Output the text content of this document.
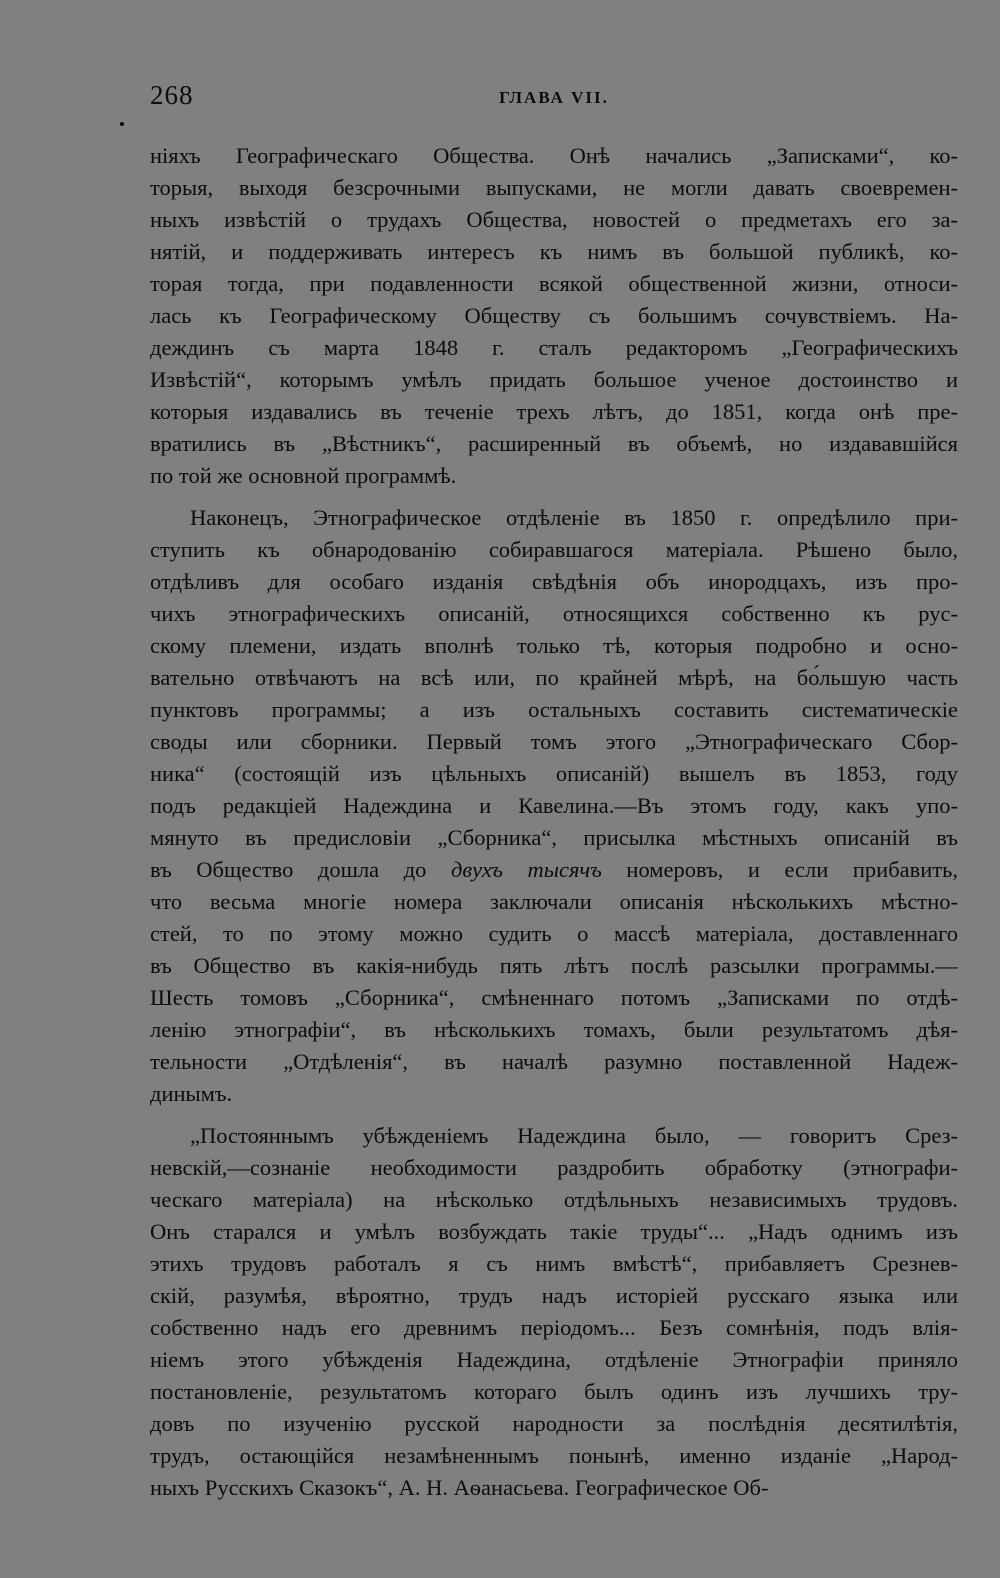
268	ГЛАВА VII.
ніяхъ Географическаго Общества. Онѣ начались „Записками“, ко-
торыя, выходя безсрочными выпусками, не могли давать своевремен-
ныхъ извѣстій о трудахъ Общества, новостей о предметахъ его за-
нятій, и поддерживать интересъ къ нимъ въ большой публикѣ, ко-
торая тогда, при подавленности всякой общественной жизни, относи-
лась къ Географическому Обществу съ большимъ сочувствіемъ. На-
деждинъ съ марта 1848 г. сталъ редакторомъ „Географическихъ
Извѣстій“, которымъ умѣлъ придать большое ученое достоинство и
которыя издавались въ теченіе трехъ лѣтъ, до 1851, когда онѣ пре-
вратились въ „Вѣстникъ“, расширенный въ объемѣ, но издававшійся
по той же основной программѣ.
Наконецъ, Этнографическое отдѣленіе въ 1850 г. опредѣлило при-
ступить къ обнародованію собиравшагося матеріала. Рѣшено было,
отдѣливъ для особаго изданія свѣдѣнія объ инородцахъ, изъ про-
чихъ этнографическихъ описаній, относящихся собственно къ рус-
скому племени, издать вполнѣ только тѣ, которыя подробно и осно-
вательно отвѣчаютъ на всѣ или, по крайней мѣрѣ, на бо́льшую часть
пунктовъ программы; а изъ остальныхъ составить систематическіе
своды или сборники. Первый томъ этого „Этнографическаго Сбор-
ника“ (состоящій изъ цѣльныхъ описаній) вышелъ въ 1853, году
подъ редакціей Надеждина и Кавелина.—Въ этомъ году, какъ упо-
мянуто въ предисловіи „Сборника“, присылка мѣстныхъ описаній въ
въ Общество дошла до двухъ тысячъ номеровъ, и если прибавить,
что весьма многіе номера заключали описанія нѣсколькихъ мѣстно-
стей, то по этому можно судить о массѣ матеріала, доставленнаго
въ Общество въ какія-нибудь пять лѣтъ послѣ разсылки программы.—
Шесть томовъ „Сборника“, смѣненнаго потомъ „Записками по отдѣ-
ленію этнографіи“, въ нѣсколькихъ томахъ, были результатомъ дѣя-
тельности „Отдѣленія“, въ началѣ разумно поставленной Надеж-
динымъ.
„Постояннымъ убѣжденіемъ Надеждина было, — говоритъ Срез-
невскій,—сознаніе необходимости раздробить обработку (этнографи-
ческаго матеріала) на нѣсколько отдѣльныхъ независимыхъ трудовъ.
Онъ старался и умѣлъ возбуждать такіе труды“... „Надъ однимъ изъ
этихъ трудовъ работалъ я съ нимъ вмѣстѣ“, прибавляетъ Срезнев-
скій, разумѣя, вѣроятно, трудъ надъ исторіей русскаго языка или
собственно надъ его древнимъ періодомъ... Безъ сомнѣнія, подъ влія-
ніемъ этого убѣжденія Надеждина, отдѣленіе Этнографіи приняло
постановленіе, результатомъ котораго былъ одинъ изъ лучшихъ тру-
довъ по изученію русской народности за послѣднія десятилѣтія,
трудъ, остающійся незамѣненнымъ понынѣ, именно изданіе „Народ-
ныхъ Русскихъ Сказокъ“, А. Н. Аѳанасьева. Географическое Об-
